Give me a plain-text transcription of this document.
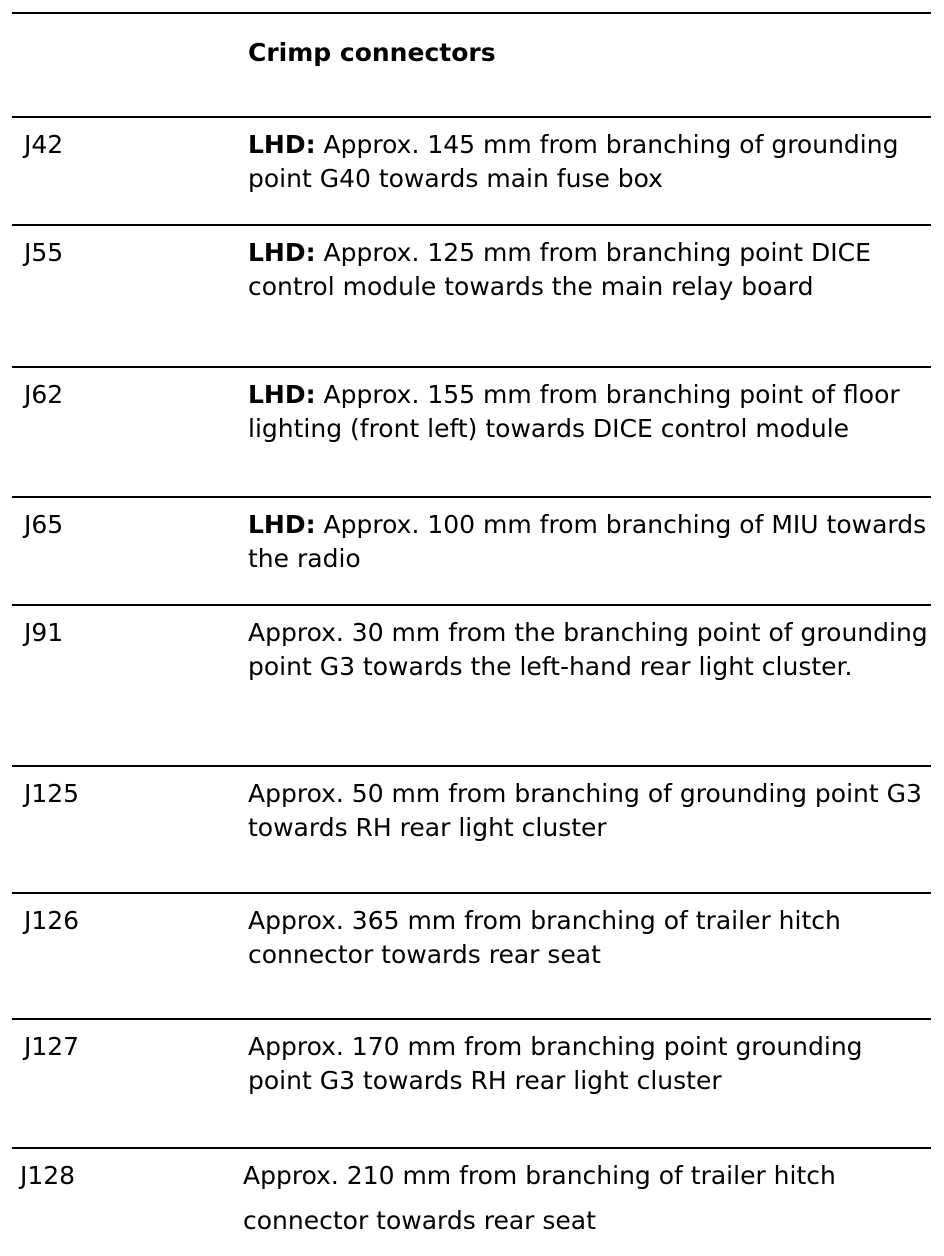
Crimp connectors
J42	LHD: Approx. 145 mm from branching of grounding point G40 towards main fuse box
J55	LHD: Approx. 125 mm from branching point DICE control module towards the main relay board
J62	LHD: Approx. 155 mm from branching point of floor lighting (front left) towards DICE control module
J65	LHD: Approx. 100 mm from branching of MIU towards the radio
J91	Approx. 30 mm from the branching point of grounding point G3 towards the left-hand rear light cluster.
J125	Approx. 50 mm from branching of grounding point G3 towards RH rear light cluster
J126	Approx. 365 mm from branching of trailer hitch connector towards rear seat
J127	Approx. 170 mm from branching point grounding point G3 towards RH rear light cluster
J128	Approx. 210 mm from branching of trailer hitch connector towards rear seat
